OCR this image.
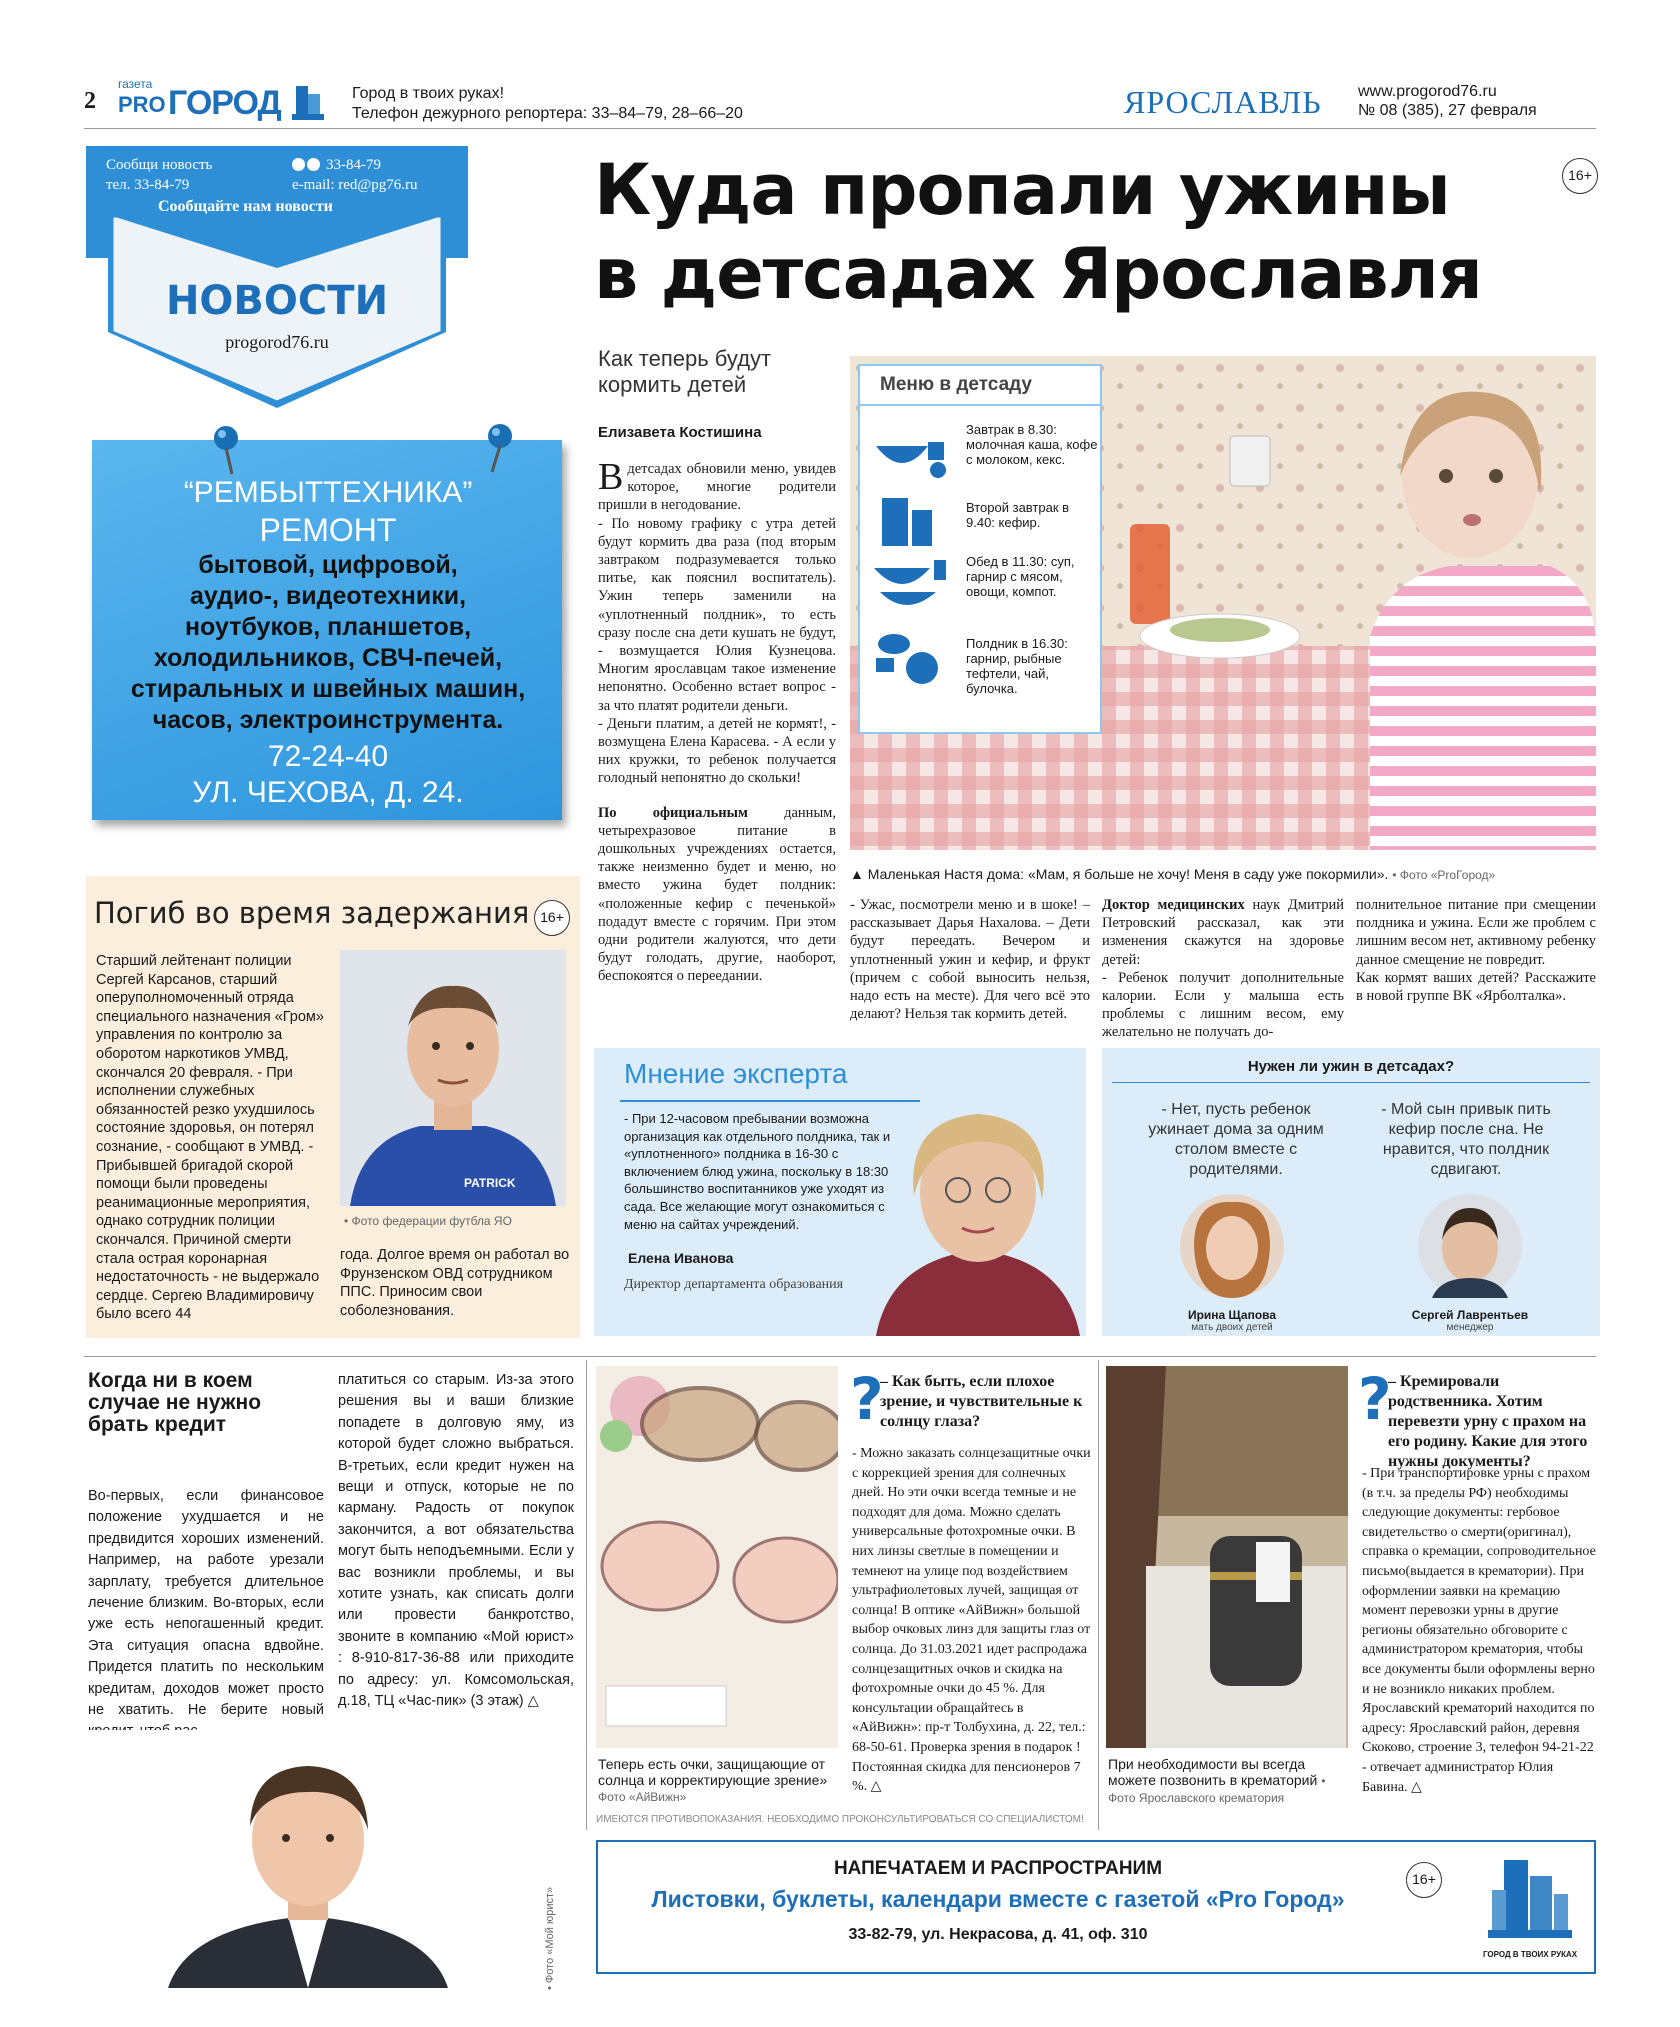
2
газета
PRO ГОРОД	Город в твоих руках!
Телефон дежурного репортера: 33–84–79, 28–66–20	ЯРОСЛАВЛЬ www.progorod76.ru
№ 08 (385), 27 февраля
Сообщи новость
тел. 33-84-79
33-84-79
e-mail: red@pg76.ru
Сообщайте нам новости
НОВОСТИ
progorod76.ru
“РЕМБЫТТЕХНИКА”
РЕМОНТ
бытовой, цифровой,
аудио-, видеотехники,
ноутбуков, планшетов,
холодильников, СВЧ-печей,
стиральных и швейных машин,
часов, электроинструмента.
72-24-40
УЛ. ЧЕХОВА, Д. 24.
Куда пропали ужины
в детсадах Ярославля
16+
Как теперь будут
кормить детей
Елизавета Костишина

Вдетсадах обновили меню, увидев которое, многие родители пришли в негодование.

- По новому графику с утра детей будут кормить два раза (под вторым завтраком подразумевается только питье, как пояснил воспитатель). Ужин теперь заменили на «уплотненный полдник», то есть сразу после сна дети кушать не будут, - возмущается Юлия Кузнецова. Многим ярославцам такое изменение непонятно. Особенно встает вопрос - за что платят родители деньги.

- Деньги платим, а детей не кормят!, - возмущена Елена Карасева. - А если у них кружки, то ребенок получается голодный непонятно до скольки!

По официальным данным, четырехразовое питание в дошкольных учреждениях остается, также неизменно будет и меню, но вместо ужина будет полдник: «положенные кефир с печенькой» подадут вместе с горячим. При этом одни родители жалуются, что дети будут голодать, другие, наоборот, беспокоятся о переедании.

Меню в детсаду
Завтрак в 8.30: молочная каша, кофе с молоком, кекс.
Второй завтрак в 9.40: кефир.
Обед в 11.30: суп, гарнир с мясом, овощи, компот.
Полдник в 16.30: гарнир, рыбные тефтели, чай, булочка.
▲ Маленькая Настя дома: «Мам, я больше не хочу! Меня в саду уже покормили». • Фото «ProГород»

- Ужас, посмотрели меню и в шоке! – рассказывает Дарья Нахалова. – Дети будут переедать. Вечером и уплотненный ужин и кефир, и фрукт (причем с собой выносить нельзя, надо есть на месте). Для чего всё это делают? Нельзя так кормить детей.

Доктор медицинских наук Дмитрий Петровский рассказал, как эти изменения скажутся на здоровье детей:

- Ребенок получит дополнительные калории. Если у малыша есть проблемы с лишним весом, ему желательно не получать до-

полнительное питание при смещении полдника и ужина. Если же проблем с лишним весом нет, активному ребенку данное смещение не повредит.

Как кормят ваших детей? Расскажите в новой группе ВК «Ярболталка».

Погиб во время задержания 16+
Старший лейтенант полиции Сергей Карсанов, старший оперуполномоченный отряда специального назначения «Гром» управления по контролю за оборотом наркотиков УМВД, скончался 20 февраля. - При исполнении служебных обязанностей резко ухудшилось состояние здоровья, он потерял сознание, - сообщают в УМВД. - Прибывшей бригадой скорой помощи были проведены реанимационные мероприятия, однако сотрудник полиции скончался. Причиной смерти стала острая коронарная недостаточность - не выдержало сердце. Сергею Владимировичу было всего 44
PATRICK
• Фото федерации футбла ЯО
года. Долгое время он работал во Фрунзенском ОВД сотрудником ППС. Приносим свои соболезнования.
Мнение эксперта
- При 12-часовом пребывании возможна организация как отдельного полдника, так и «уплотненного» полдника в 16-30 с включением блюд ужина, поскольку в 18:30 большинство воспитанников уже уходят из сада. Все желающие могут ознакомиться с меню на сайтах учреждений.
Елена Иванова
Директор департамента образования
Нужен ли ужин в детсадах?
- Нет, пусть ребенок ужинает дома за одним столом вместе с родителями.
- Мой сын привык пить кефир после сна. Не нравится, что полдник сдвигают.
Ирина Щапова
мать двоих детей
Сергей Лаврентьев
менеджер
Когда ни в коем случае не нужно брать кредит
Во-первых, если финансовое положение ухудшается и не предвидится хороших изменений. Например, на работе урезали зарплату, требуется длительное лечение близким. Во-вторых, если уже есть непогашенный кредит. Эта ситуация опасна вдвойне. Придется платить по нескольким кредитам, доходов может просто не хватить. Не берите новый
платиться со старым. Из-за этого решения вы и ваши близкие попадете в долговую яму, из которой будет сложно выбраться. В-третьих, если кредит нужен на вещи и отпуск, которые не по карману. Радость от покупок закончится, а вот обязательства могут быть неподъемными. Если у вас возникли проблемы, и вы хотите узнать, как списать долги или провести банкротство, звоните в компанию «Мой юрист» : 8-910-817-36-88 или приходите по адресу: ул. Комсомольская, д.18, ТЦ «Час-пик» (3 этаж) △
• Фото «Мой юрист»
Теперь есть очки, защищающие от солнца и корректирующие зрение» Фото «АйВижн»
?
– Как быть, если плохое зрение, и чувствительные к солнцу глаза?
- Можно заказать солнцезащитные очки с коррекцией зрения для солнечных дней. Но эти очки всегда темные и не подходят для дома. Можно сделать универсальные фотохромные очки. В них линзы светлые в помещении и темнеют на улице под воздействием ультрафиолетовых лучей, защищая от солнца! В оптике «АйВижн» большой выбор очковых линз для защиты глаз от солнца. До 31.03.2021 идет распродажа солнцезащитных очков и скидка на фотохромные очки до 45 %. Для консультации обращайтесь в «АйВижн»: пр-т Толбухина, д. 22, тел.: 68-50-61. Проверка зрения в подарок ! Постоянная скидка для пенсионеров 7 %. △
ИМЕЮТСЯ ПРОТИВОПОКАЗАНИЯ. НЕОБХОДИМО ПРОКОНСУЛЬТИРОВАТЬСЯ СО СПЕЦИАЛИСТОМ!
При необходимости вы всегда можете позвонить в крематорий • Фото Ярославского крематория
?
– Кремировали родственника. Хотим перевезти урну с прахом на его родину. Какие для этого нужны документы?
- При транспортировке урны с прахом (в т.ч. за пределы РФ) необходимы следующие документы: гербовое свидетельство о смерти(оригинал), справка о кремации, сопроводительное письмо(выдается в крематории). При оформлении заявки на кремацию момент перевозки урны в другие регионы обязательно обговорите с администратором крематория, чтобы все документы были оформлены верно и не возникло никаких проблем. Ярославский крематорий находится по адресу: Ярославский район, деревня Скоково, строение 3, телефон 94-21-22 - отвечает администратор Юлия Бавина. △
НАПЕЧАТАЕМ И РАСПРОСТРАНИМ
Листовки, буклеты, календари вместе с газетой «Pro Город»
33-82-79, ул. Некрасова, д. 41, оф. 310
16+
ГОРОД В ТВОИХ РУКАХ
